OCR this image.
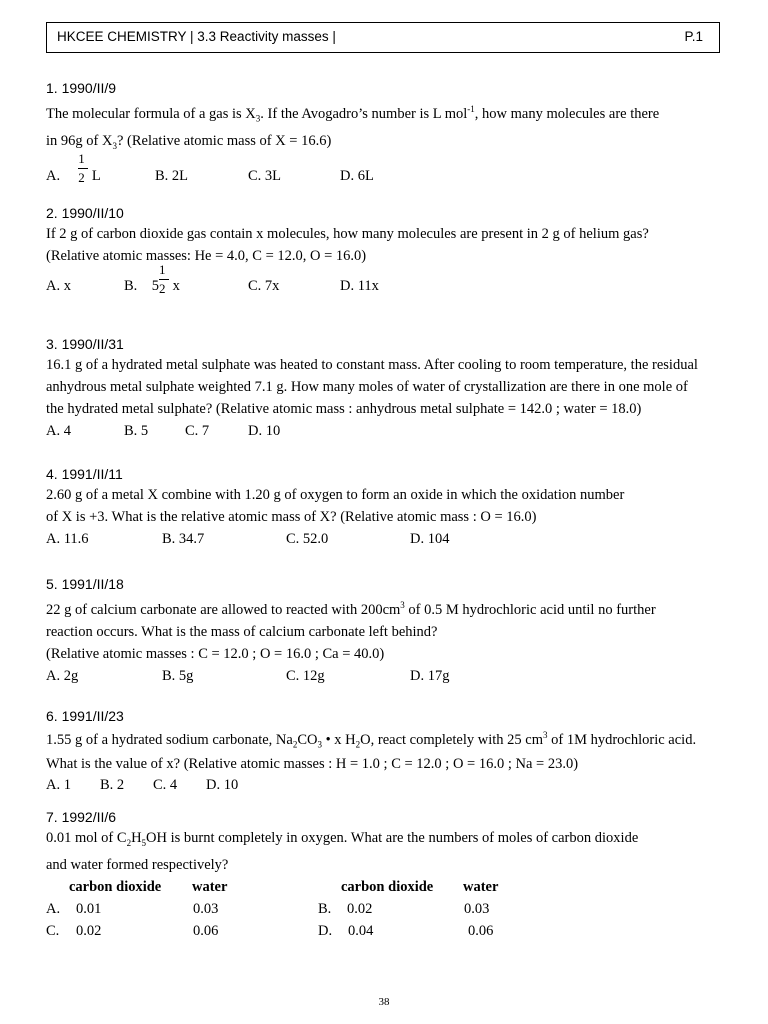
HKCEE CHEMISTRY | 3.3 Reactivity masses |	P.1
1. 1990/II/9
The molecular formula of a gas is $X_3$. If the Avogadro’s number is L mol$^{-1}$, how many molecules are there
in 96g of $X_3$? (Relative atomic mass of X = 16.6)
A. $\frac{1}{2}$ L	B. 2L	C. 3L	D. 6L
2. 1990/II/10
If 2 g of carbon dioxide gas contain x molecules, how many molecules are present in 2 g of helium gas?
(Relative atomic masses: He = 4.0, C = 12.0, O = 16.0)
A. x	B. $5 \frac{1}{2}$ x	C. 7x	D. 11x
3. 1990/II/31
16.1 g of a hydrated metal sulphate was heated to constant mass. After cooling to room temperature, the residual
anhydrous metal sulphate weighted 7.1 g. How many moles of water of crystallization are there in one mole of
the hydrated metal sulphate? (Relative atomic mass : anhydrous metal sulphate = 142.0 ; water = 18.0)
A. 4	B. 5	C. 7	D. 10
4. 1991/II/11
2.60 g of a metal X combine with 1.20 g of oxygen to form an oxide in which the oxidation number
of X is +3. What is the relative atomic mass of X? (Relative atomic mass : O = 16.0)
A. 11.6	B. 34.7	C. 52.0	D. 104
5. 1991/II/18
22 g of calcium carbonate are allowed to reacted with $200cm^3$ of 0.5 M hydrochloric acid until no further
reaction occurs. What is the mass of calcium carbonate left behind?
(Relative atomic masses : C = 12.0 ; O = 16.0 ; Ca = 40.0)
A. 2g	B. 5g	C. 12g	D. 17g
6. 1991/II/23
1.55 g of a hydrated sodium carbonate, $Na_2CO_3$ • x $H_2O$, react completely with 25 $cm^3$ of 1M hydrochloric acid.
What is the value of x? (Relative atomic masses : H = 1.0 ; C = 12.0 ; O = 16.0 ; Na = 23.0)
A. 1 B. 2 C. 4 D. 10
7. 1992/II/6
0.01 mol of $C_2H_5OH$ is burnt completely in oxygen. What are the numbers of moles of carbon dioxide
and water formed respectively?
carbon dioxide water	carbon dioxide water
A. 0.01	0.03	B. 0.02	0.03
C. 0.02	0.06	D. 0.04	0.06
38
